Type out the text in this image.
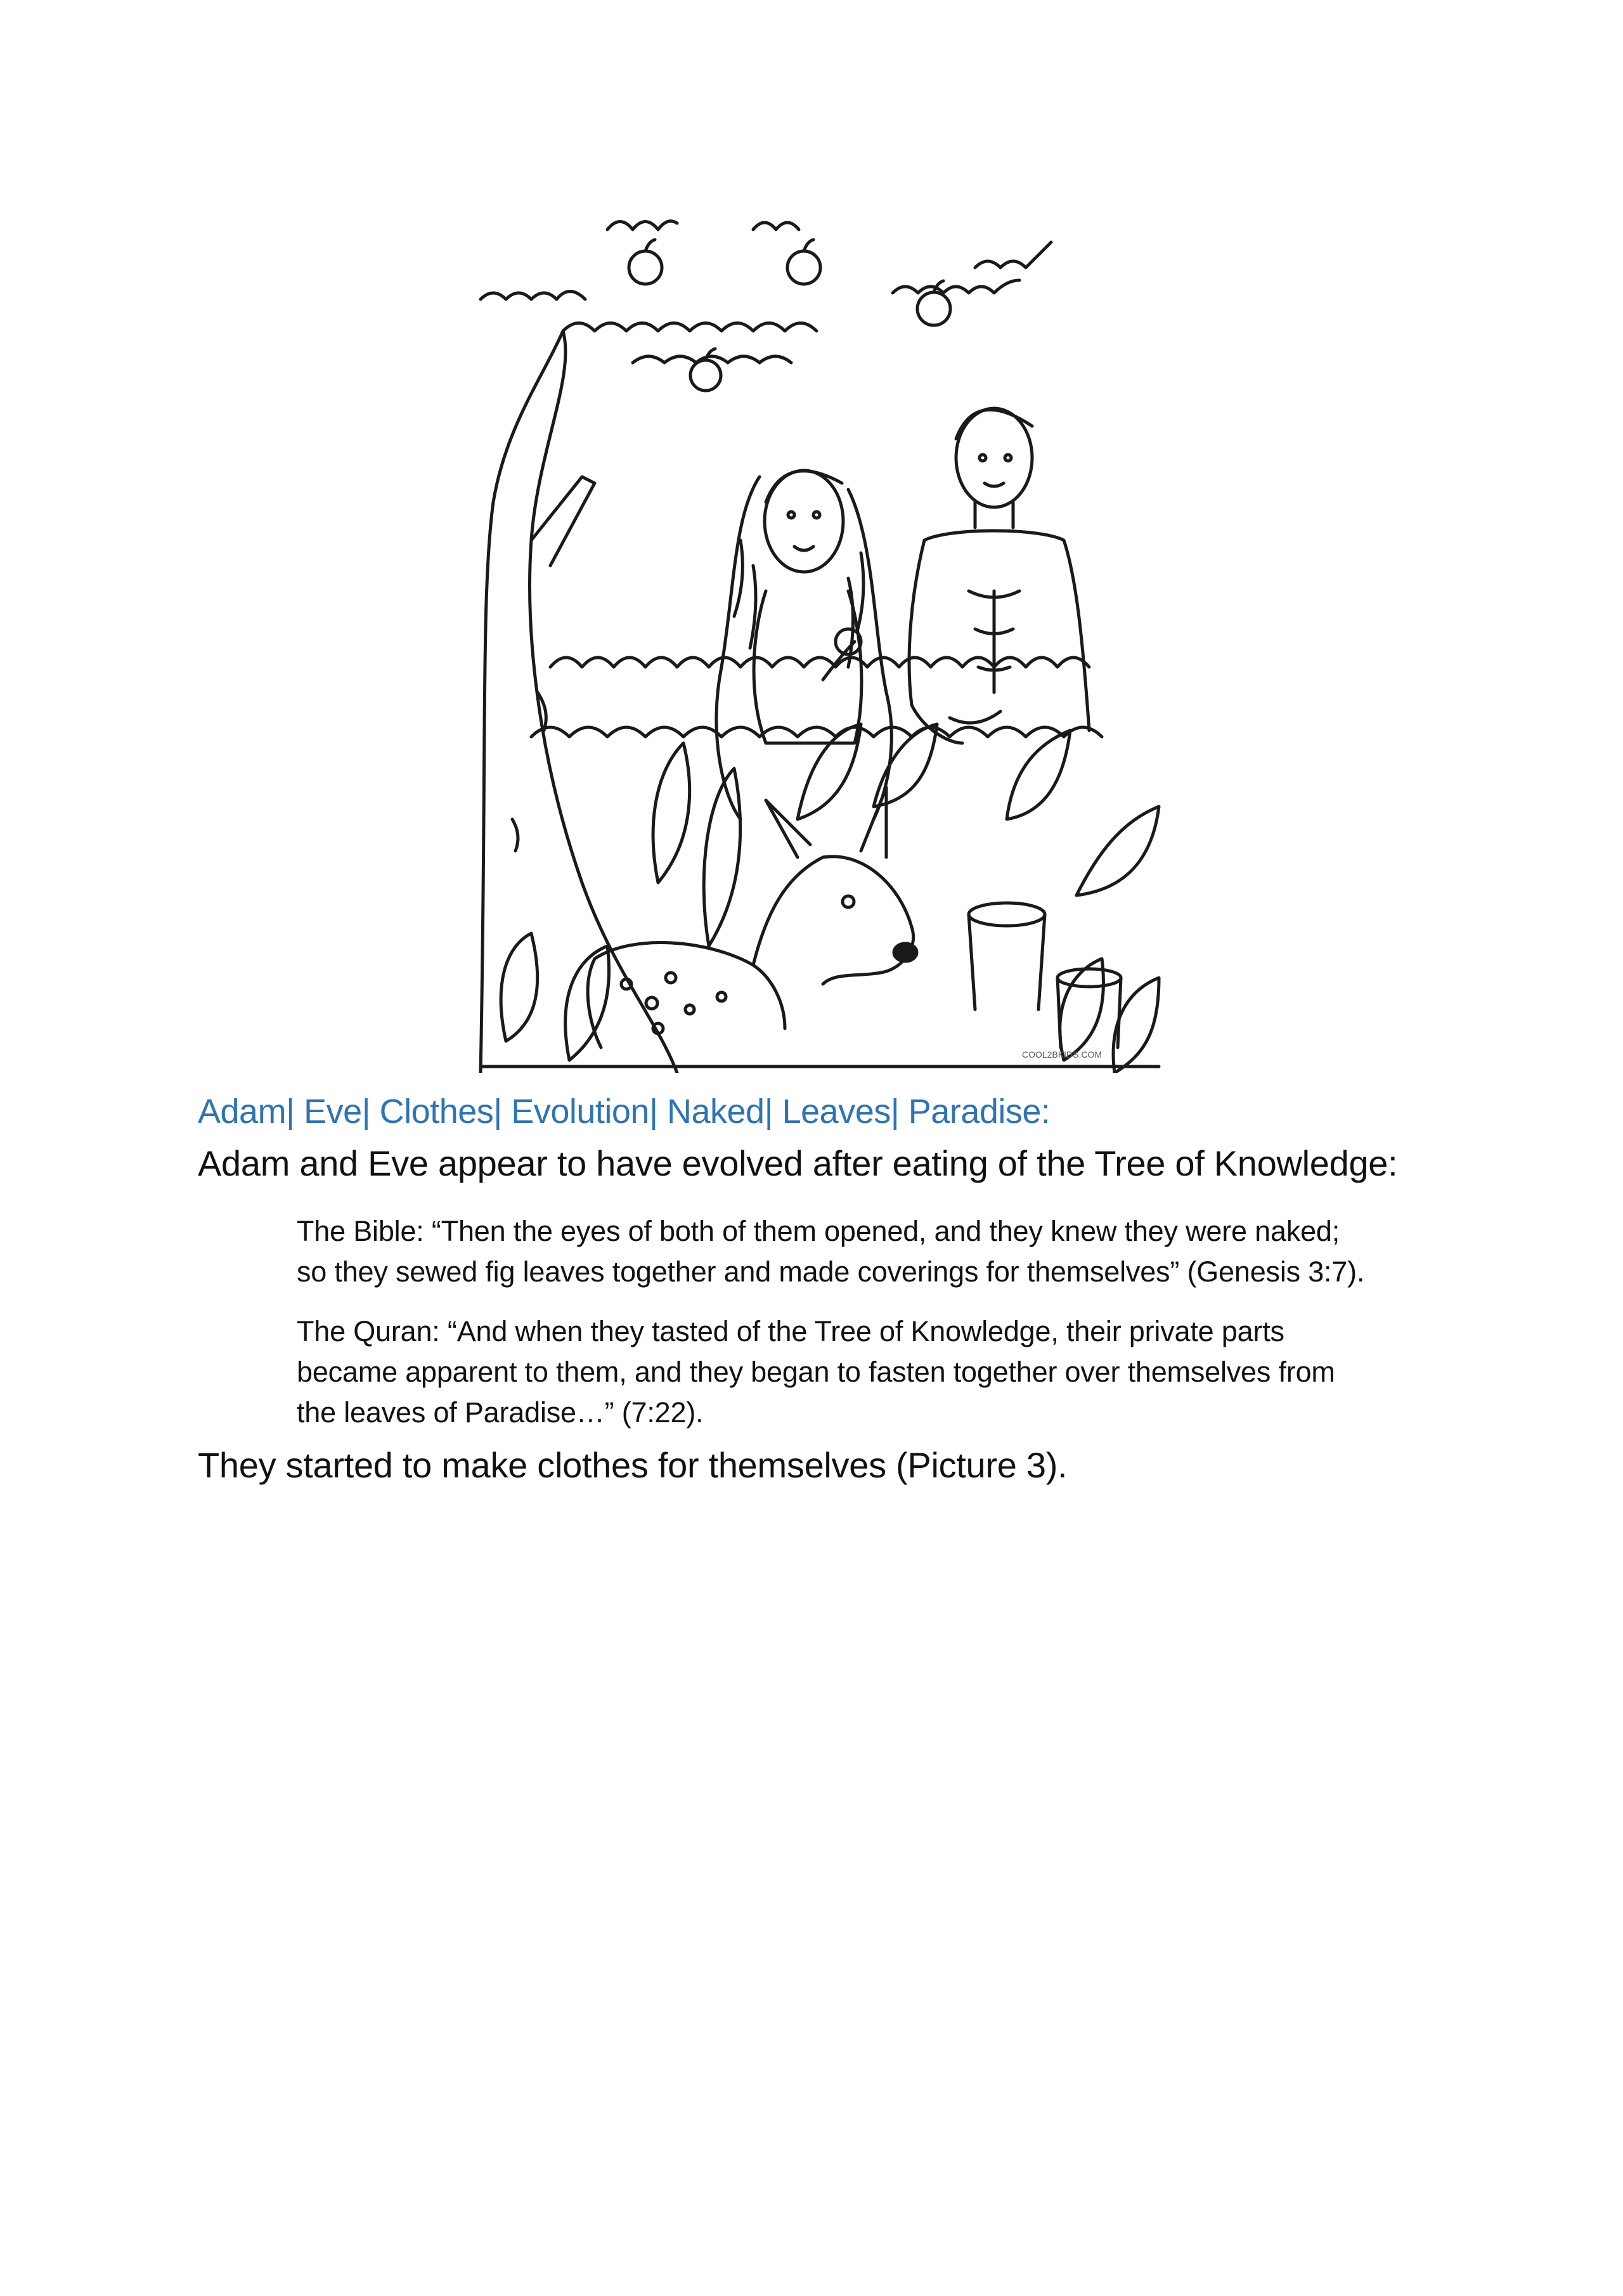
COOL2BKIDS.COM
Adam| Eve| Clothes| Evolution| Naked| Leaves| Paradise:
Adam and Eve appear to have evolved after eating of the Tree of Knowledge:
The Bible: “Then the eyes of both of them opened, and they knew they were naked;
so they sewed fig leaves together and made coverings for themselves” (Genesis 3:7).
The Quran: “And when they tasted of the Tree of Knowledge, their private parts
became apparent to them, and they began to fasten together over themselves from
the leaves of Paradise…” (7:22).
They started to make clothes for themselves (Picture 3).
